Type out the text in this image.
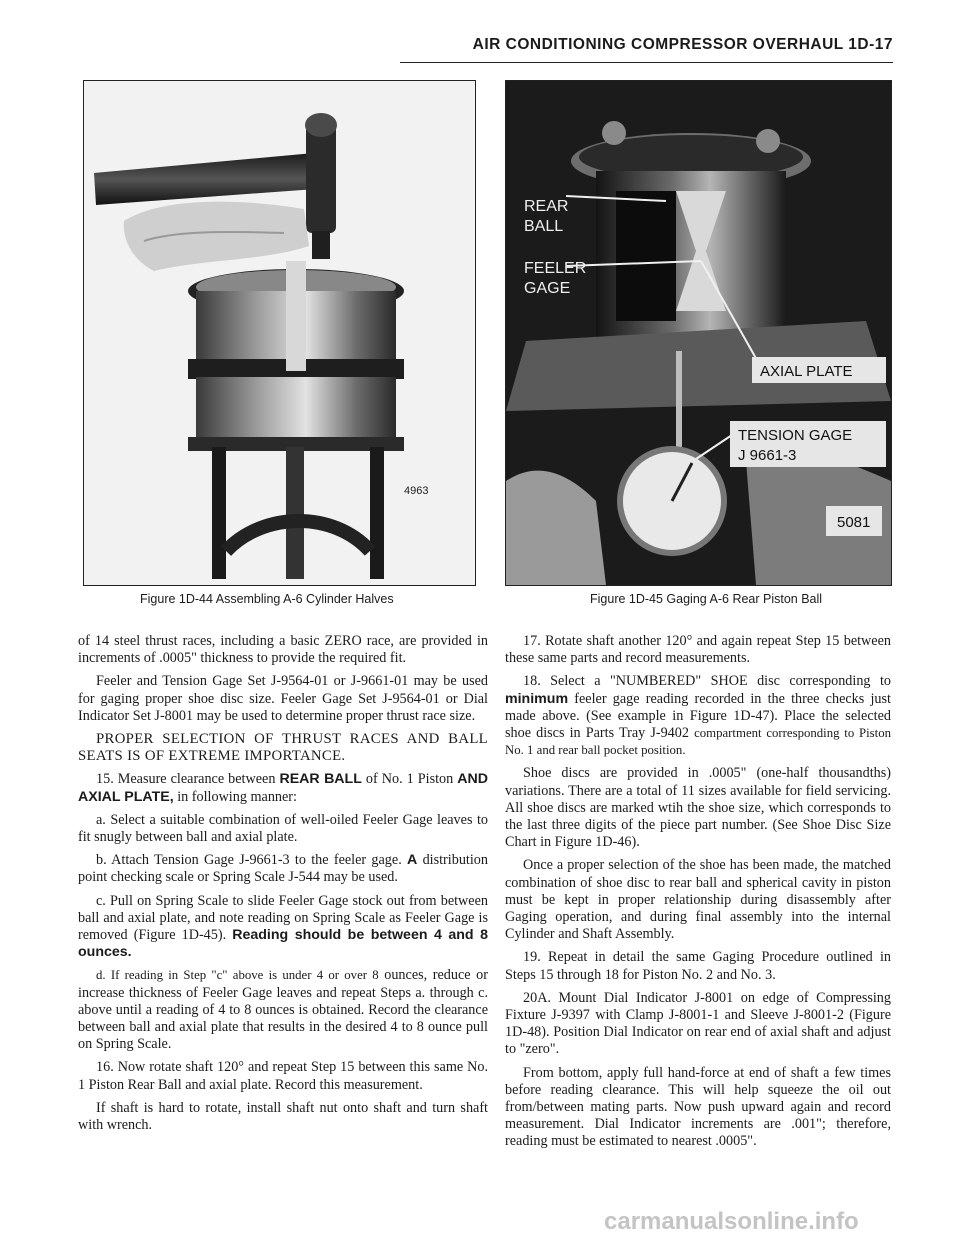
AIR CONDITIONING COMPRESSOR OVERHAUL 1D-17
4963
Figure 1D-44 Assembling A-6 Cylinder Halves
REAR
BALL
FEELER
GAGE
AXIAL PLATE
TENSION GAGE
J 9661-3
5081
Figure 1D-45 Gaging A-6 Rear Piston Ball

of 14 steel thrust races, including a basic ZERO race, are provided in increments of .0005" thickness to provide the required fit.

Feeler and Tension Gage Set J-9564-01 or J-9661-01 may be used for gaging proper shoe disc size. Feeler Gage Set J-9564-01 or Dial Indicator Set J-8001 may be used to determine proper thrust race size.

PROPER SELECTION OF THRUST RACES AND BALL SEATS IS OF EXTREME IMPORTANCE.

15. Measure clearance between REAR BALL of No. 1 Piston AND AXIAL PLATE, in following manner:

a. Select a suitable combination of well-oiled Feeler Gage leaves to fit snugly between ball and axial plate.

b. Attach Tension Gage J-9661-3 to the feeler gage. A distribution point checking scale or Spring Scale J-544 may be used.

c. Pull on Spring Scale to slide Feeler Gage stock out from between ball and axial plate, and note reading on Spring Scale as Feeler Gage is removed (Figure 1D-45). Reading should be between 4 and 8 ounces.

d. If reading in Step "c" above is under 4 or over 8 ounces, reduce or increase thickness of Feeler Gage leaves and repeat Steps a. through c. above until a reading of 4 to 8 ounces is obtained. Record the clearance between ball and axial plate that results in the desired 4 to 8 ounce pull on Spring Scale.

16. Now rotate shaft 120° and repeat Step 15 between this same No. 1 Piston Rear Ball and axial plate. Record this measurement.

If shaft is hard to rotate, install shaft nut onto shaft and turn shaft with wrench.

17. Rotate shaft another 120° and again repeat Step 15 between these same parts and record measurements.

18. Select a "NUMBERED" SHOE disc corresponding to minimum feeler gage reading recorded in the three checks just made above. (See example in Figure 1D-47). Place the selected shoe discs in Parts Tray J-9402 compartment corresponding to Piston No. 1 and rear ball pocket position.

Shoe discs are provided in .0005" (one-half thousandths) variations. There are a total of 11 sizes available for field servicing. All shoe discs are marked wtih the shoe size, which corresponds to the last three digits of the piece part number. (See Shoe Disc Size Chart in Figure 1D-46).

Once a proper selection of the shoe has been made, the matched combination of shoe disc to rear ball and spherical cavity in piston must be kept in proper relationship during disassembly after Gaging operation, and during final assembly into the internal Cylinder and Shaft Assembly.

19. Repeat in detail the same Gaging Procedure outlined in Steps 15 through 18 for Piston No. 2 and No. 3.

20A. Mount Dial Indicator J-8001 on edge of Compressing Fixture J-9397 with Clamp J-8001-1 and Sleeve J-8001-2 (Figure 1D-48). Position Dial Indicator on rear end of axial shaft and adjust to "zero".

From bottom, apply full hand-force at end of shaft a few times before reading clearance. This will help squeeze the oil out from/between mating parts. Now push upward again and record measurement. Dial Indicator increments are .001"; therefore, reading must be estimated to nearest .0005".

carmanualsonline.info
